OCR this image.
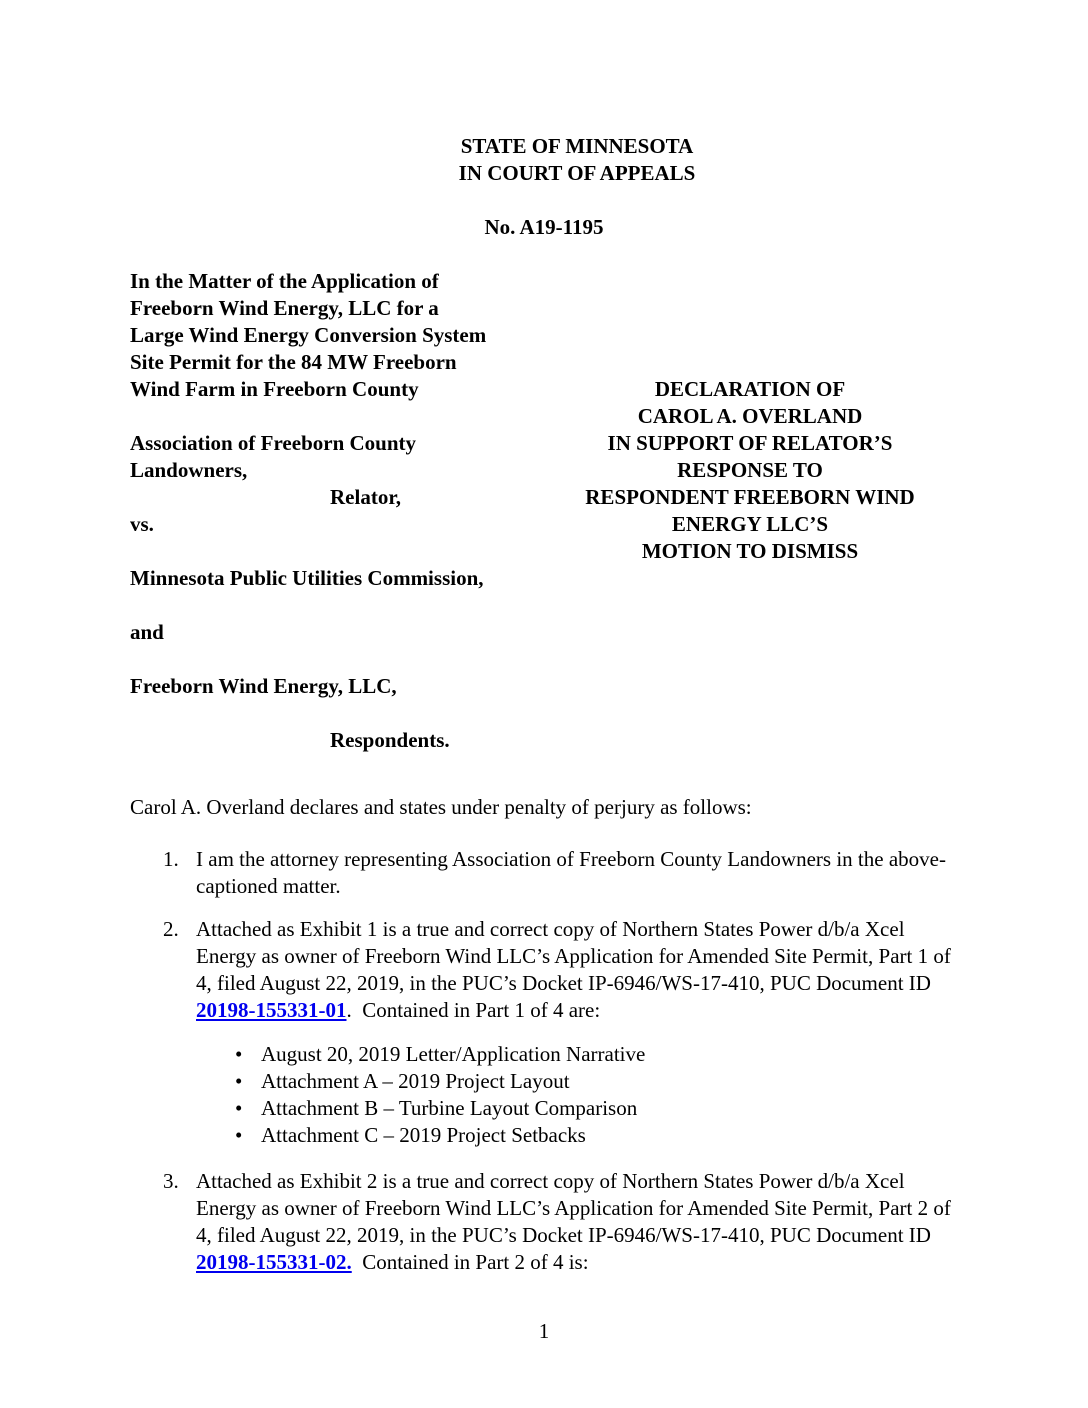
STATE OF MINNESOTA
IN COURT OF APPEALS
No. A19-1195
In the Matter of the Application of
Freeborn Wind Energy, LLC for a
Large Wind Energy Conversion System
Site Permit for the 84 MW Freeborn
Wind Farm in Freeborn County
Association of Freeborn County
Landowners,
Relator,
vs.
Minnesota Public Utilities Commission,
and
Freeborn Wind Energy, LLC,
Respondents.
DECLARATION OF
CAROL A. OVERLAND
IN SUPPORT OF RELATOR’S
RESPONSE TO
RESPONDENT FREEBORN WIND
ENERGY LLC’S
MOTION TO DISMISS
Carol A. Overland declares and states under penalty of perjury as follows:
1. I am the attorney representing Association of Freeborn County Landowners in the above-captioned matter.
2. Attached as Exhibit 1 is a true and correct copy of Northern States Power d/b/a Xcel Energy as owner of Freeborn Wind LLC’s Application for Amended Site Permit, Part 1 of 4, filed August 22, 2019, in the PUC’s Docket IP-6946/WS-17-410, PUC Document ID 20198-155331-01.  Contained in Part 1 of 4 are:
• August 20, 2019 Letter/Application Narrative
• Attachment A – 2019 Project Layout
• Attachment B – Turbine Layout Comparison
• Attachment C – 2019 Project Setbacks
3. Attached as Exhibit 2 is a true and correct copy of Northern States Power d/b/a Xcel Energy as owner of Freeborn Wind LLC’s Application for Amended Site Permit, Part 2 of 4, filed August 22, 2019, in the PUC’s Docket IP-6946/WS-17-410, PUC Document ID 20198-155331-02.  Contained in Part 2 of 4 is:
1
